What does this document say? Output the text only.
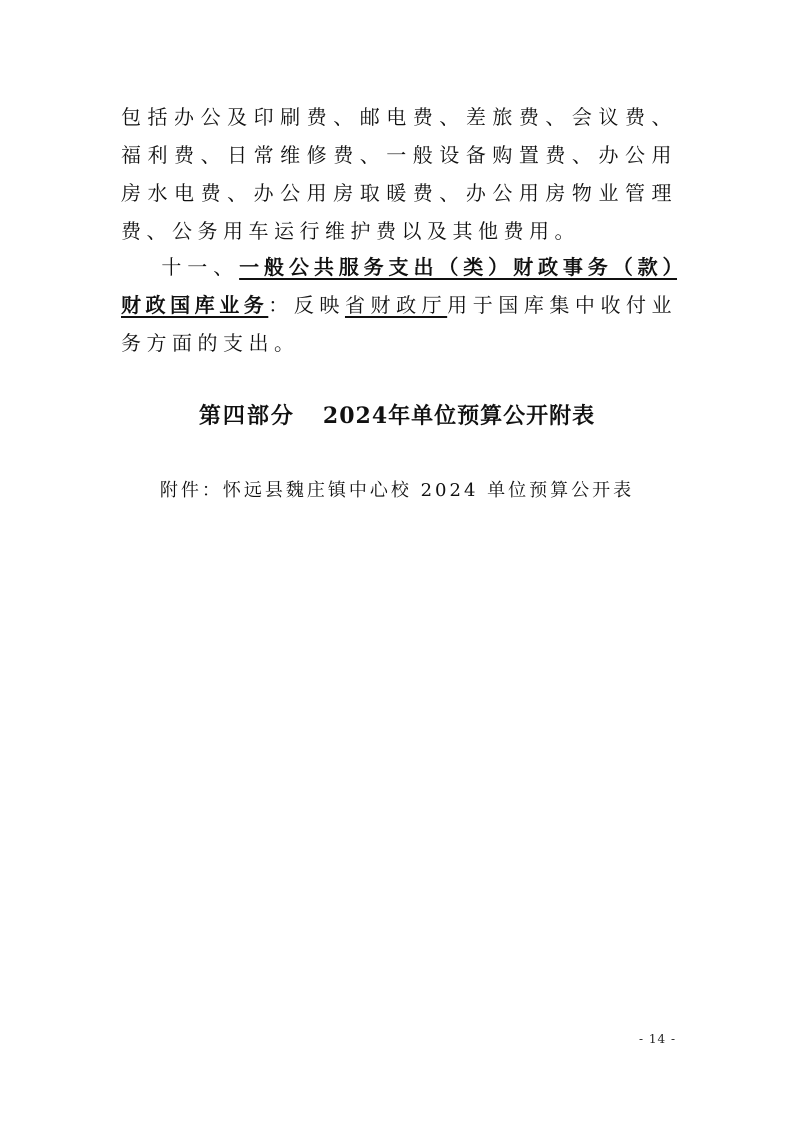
包括办公及印刷费、邮电费、差旅费、会议费、福利费、日常维修费、一般设备购置费、办公用房水电费、办公用房取暖费、办公用房物业管理费、公务用车运行维护费以及其他费用。

十一、一般公共服务支出（类）财政事务（款）财政国库业务：反映省财政厅用于国库集中收付业务方面的支出。

第四部分 2024年单位预算公开附表

附件：怀远县魏庄镇中心校 2024 单位预算公开表

- 14 -
